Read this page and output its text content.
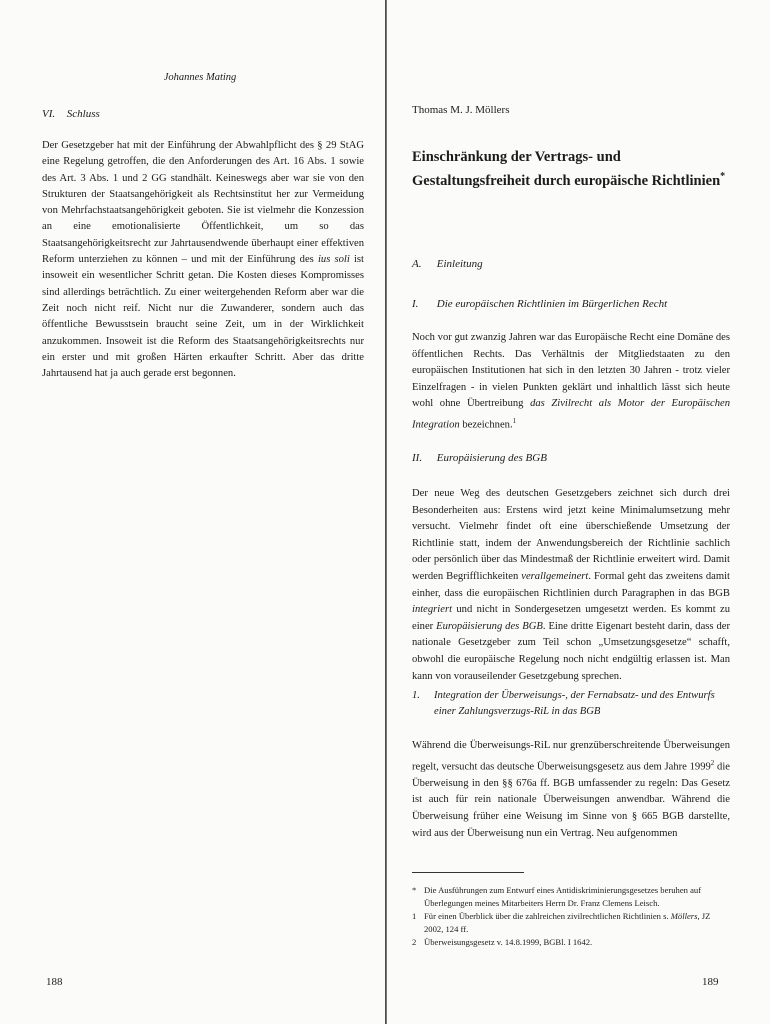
Johannes Mating
VI. Schluss

Der Gesetzgeber hat mit der Einführung der Abwahlpflicht des § 29 StAG eine Regelung getroffen, die den Anforderungen des Art. 16 Abs. 1 sowie des Art. 3 Abs. 1 und 2 GG standhält. Keineswegs aber war sie von den Strukturen der Staatsangehörigkeit als Rechtsinstitut her zur Vermeidung von Mehrfachstaatsangehörigkeit geboten. Sie ist vielmehr die Konzession an eine emotionalisierte Öffentlichkeit, um so das Staatsangehörigkeitsrecht zur Jahrtausendwende überhaupt einer effektiven Reform unterziehen zu können – und mit der Einführung des ius soli ist insoweit ein wesentlicher Schritt getan. Die Kosten dieses Kompromisses sind allerdings beträchtlich. Zu einer weitergehenden Reform aber war die Zeit noch nicht reif. Nicht nur die Zuwanderer, sondern auch das öffentliche Bewusstsein braucht seine Zeit, um in der Wirklichkeit anzukommen. Insoweit ist die Reform des Staatsangehörigkeitsrechts nur ein erster und mit großen Härten erkaufter Schritt. Aber das dritte Jahrtausend hat ja auch gerade erst begonnen.

188
Thomas M. J. Möllers
Einschränkung der Vertrags- und Gestaltungsfreiheit durch europäische Richtlinien*
A. Einleitung
I. Die europäischen Richtlinien im Bürgerlichen Recht

Noch vor gut zwanzig Jahren war das Europäische Recht eine Domäne des öffentlichen Rechts. Das Verhältnis der Mitgliedstaaten zu den europäischen Institutionen hat sich in den letzten 30 Jahren - trotz vieler Einzelfragen - in vielen Punkten geklärt und inhaltlich lässt sich heute wohl ohne Übertreibung das Zivilrecht als Motor der Europäischen Integration bezeichnen.$^1$

II. Europäisierung des BGB

Der neue Weg des deutschen Gesetzgebers zeichnet sich durch drei Besonderheiten aus: Erstens wird jetzt keine Minimalumsetzung mehr versucht. Vielmehr findet oft eine überschießende Umsetzung der Richtlinie statt, indem der Anwendungsbereich der Richtlinie sachlich oder persönlich über das Mindestmaß der Richtlinie erweitert wird. Damit werden Begrifflichkeiten verallgemeinert. Formal geht das zweitens damit einher, dass die europäischen Richtlinien durch Paragraphen in das BGB integriert und nicht in Sondergesetzen umgesetzt werden. Es kommt zu einer Europäisierung des BGB. Eine dritte Eigenart besteht darin, dass der nationale Gesetzgeber zum Teil schon „Umsetzungsgesetze“ schafft, obwohl die europäische Regelung noch nicht endgültig erlassen ist. Man kann von vorauseilender Gesetzgebung sprechen.

1. Integration der Überweisungs-, der Fernabsatz- und des Entwurfs einer Zahlungsverzugs-RiL in das BGB

Während die Überweisungs-RiL nur grenzüberschreitende Überweisungen regelt, versucht das deutsche Überweisungsgesetz aus dem Jahre 1999$^2$ die Überweisung in den §§ 676a ff. BGB umfassender zu regeln: Das Gesetz ist auch für rein nationale Überweisungen anwendbar. Während die Überweisung früher eine Weisung im Sinne von § 665 BGB darstellte, wird aus der Überweisung nun ein Vertrag. Neu aufgenommen

* Die Ausführungen zum Entwurf eines Antidiskriminierungsgesetzes beruhen auf Überlegungen meines Mitarbeiters Herrn Dr. Franz Clemens Leisch.

1 Für einen Überblick über die zahlreichen zivilrechtlichen Richtlinien s. Möllers, JZ 2002, 124 ff.

2 Überweisungsgesetz v. 14.8.1999, BGBl. I 1642.

189
